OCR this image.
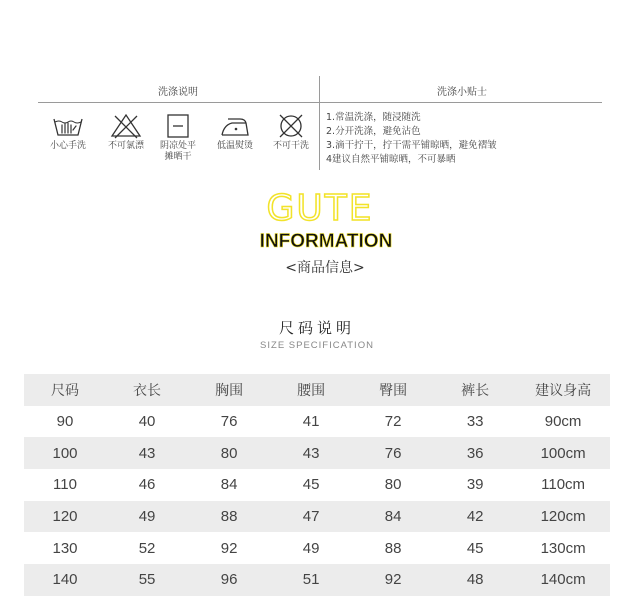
洗涤说明	洗涤小贴士
小心手洗	不可氯漂	阴凉处平
摊晒干
低温熨烫	不可干洗
1.常温洗涤，随浸随洗
2.分开洗涤，避免沾色
3.滴干拧干，拧干需平铺晾晒，避免褶皱
4建议自然平铺晾晒，不可暴晒
GUTE
INFORMATION
<商品信息>
尺码说明
SIZE SPECIFICATION
尺码	衣长	胸围	腰围	臀围	裤长	建议身高
90	40	76	41	72	33	90cm
100	43	80	43	76	36	100cm
110	46	84	45	80	39	110cm
120	49	88	47	84	42	120cm
130	52	92	49	88	45	130cm
140	55	96	51	92	48	140cm
